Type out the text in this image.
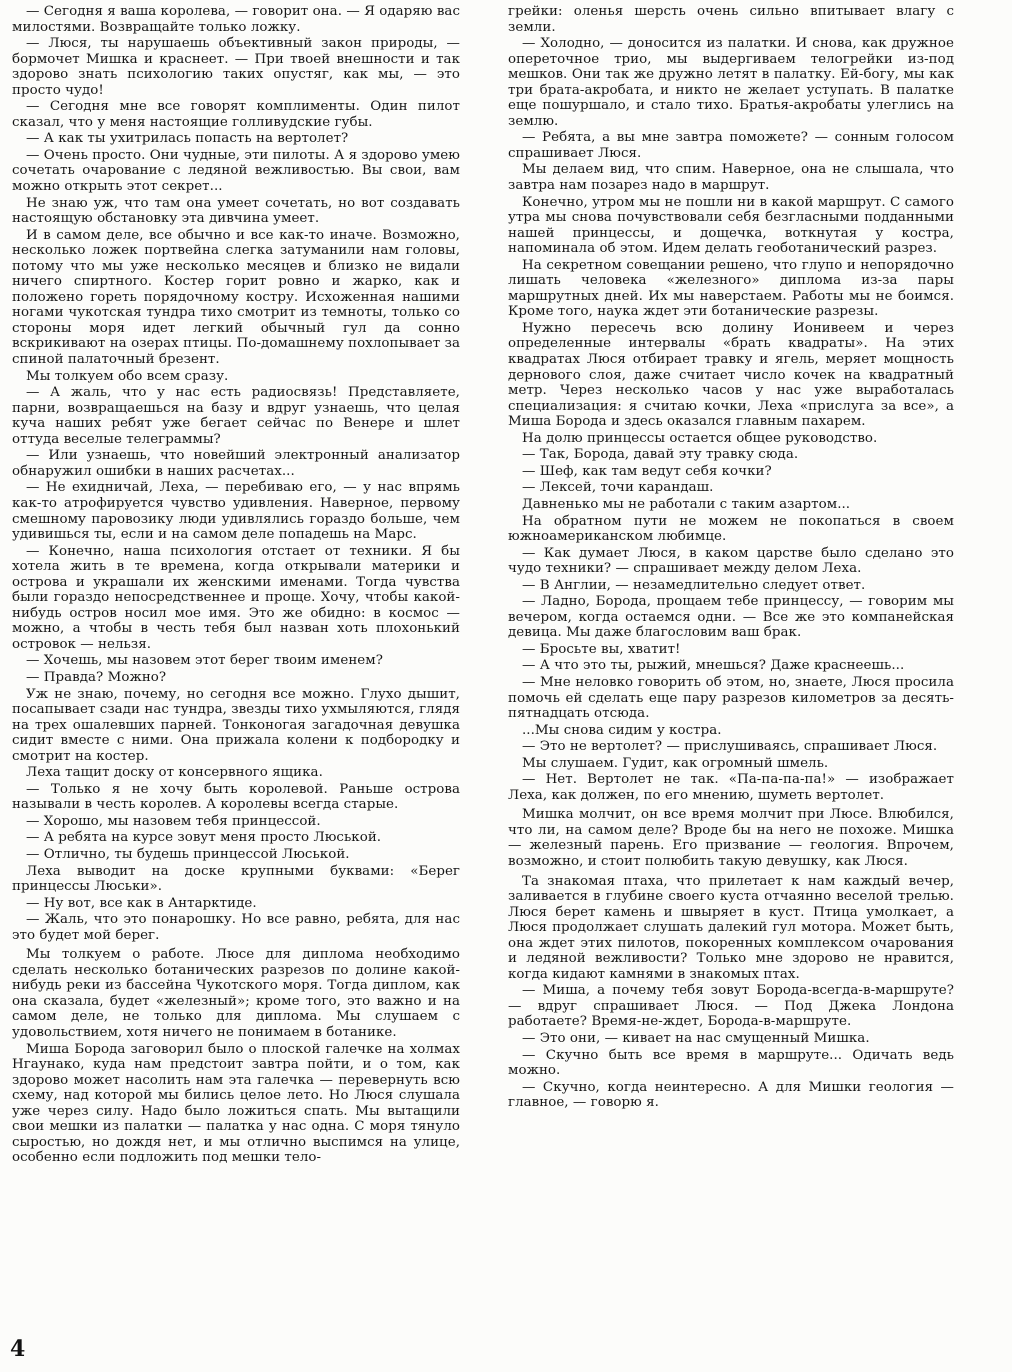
— Сегодня я ваша королева, — говорит она. — Я одаряю вас милостями. Возвращайте только ложку.

— Люся, ты нарушаешь объективный закон природы, — бормочет Мишка и краснеет. — При твоей внешности и так здорово знать психологию таких опустяг, как мы, — это просто чудо!

— Сегодня мне все говорят комплименты. Один пилот сказал, что у меня настоящие голливудские губы.

— А как ты ухитрилась попасть на вертолет?

— Очень просто. Они чудные, эти пилоты. А я здорово умею сочетать очарование с ледяной вежливостью. Вы свои, вам можно открыть этот секрет...

Не знаю уж, что там она умеет сочетать, но вот создавать настоящую обстановку эта дивчина умеет.

И в самом деле, все обычно и все как-то иначе. Возможно, несколько ложек портвейна слегка затуманили нам головы, потому что мы уже несколько месяцев и близко не видали ничего спиртного. Костер горит ровно и жарко, как и положено гореть порядочному костру. Исхоженная нашими ногами чукотская тундра тихо смотрит из темноты, только со стороны моря идет легкий обычный гул да сонно вскрикивают на озерах птицы. По-домашнему похлопывает за спиной палаточный брезент.

Мы толкуем обо всем сразу.

— А жаль, что у нас есть радиосвязь! Представляете, парни, возвращаешься на базу и вдруг узнаешь, что целая куча наших ребят уже бегает сейчас по Венере и шлет оттуда веселые телеграммы?

— Или узнаешь, что новейший электронный анализатор обнаружил ошибки в наших расчетах...

— Не ехидничай, Леха, — перебиваю его, — у нас впрямь как-то атрофируется чувство удивления. Наверное, первому смешному паровозику люди удивлялись гораздо больше, чем удивишься ты, если и на самом деле попадешь на Марс.

— Конечно, наша психология отстает от техники. Я бы хотела жить в те времена, когда открывали материки и острова и украшали их женскими именами. Тогда чувства были гораздо непосредственнее и проще. Хочу, чтобы какой-нибудь остров носил мое имя. Это же обидно: в космос — можно, а чтобы в честь тебя был назван хоть плохонький островок — нельзя.

— Хочешь, мы назовем этот берег твоим именем?

— Правда? Можно?

Уж не знаю, почему, но сегодня все можно. Глухо дышит, посапывает сзади нас тундра, звезды тихо ухмыляются, глядя на трех ошалевших парней. Тонконогая загадочная девушка сидит вместе с ними. Она прижала колени к подбородку и смотрит на костер.

Леха тащит доску от консервного ящика.

— Только я не хочу быть королевой. Раньше острова называли в честь королев. А королевы всегда старые.

— Хорошо, мы назовем тебя принцессой.

— А ребята на курсе зовут меня просто Люськой.

— Отлично, ты будешь принцессой Люськой.

Леха выводит на доске крупными буквами: «Берег принцессы Люськи».

— Ну вот, все как в Антарктиде.

— Жаль, что это понарошку. Но все равно, ребята, для нас это будет мой берег.

Мы толкуем о работе. Люсе для диплома необходимо сделать несколько ботанических разрезов по долине какой-нибудь реки из бассейна Чукотского моря. Тогда диплом, как она сказала, будет «железный»; кроме того, это важно и на самом деле, не только для диплома. Мы слушаем с удовольствием, хотя ничего не понимаем в ботанике.

Миша Борода заговорил было о плоской галечке на холмах Нгаунако, куда нам предстоит завтра пойти, и о том, как здорово может насолить нам эта галечка — перевернуть всю схему, над которой мы бились целое лето. Но Люся слушала уже через силу. Надо было ложиться спать. Мы вытащили свои мешки из палатки — палатка у нас одна. С моря тянуло сыростью, но дождя нет, и мы отлично выспимся на улице, особенно если подложить под мешки тело-

грейки: оленья шерсть очень сильно впитывает влагу с земли.

— Холодно, — доносится из палатки. И снова, как дружное опереточное трио, мы выдергиваем телогрейки из-под мешков. Они так же дружно летят в палатку. Ей-богу, мы как три брата-акробата, и никто не желает уступать. В палатке еще пошуршало, и стало тихо. Братья-акробаты улеглись на землю.

— Ребята, а вы мне завтра поможете? — сонным голосом спрашивает Люся.

Мы делаем вид, что спим. Наверное, она не слышала, что завтра нам позарез надо в маршрут.

Конечно, утром мы не пошли ни в какой маршрут. С самого утра мы снова почувствовали себя безгласными подданными нашей принцессы, и дощечка, воткнутая у костра, напоминала об этом. Идем делать геоботанический разрез.

На секретном совещании решено, что глупо и непорядочно лишать человека «железного» диплома из-за пары маршрутных дней. Их мы наверстаем. Работы мы не боимся. Кроме того, наука ждет эти ботанические разрезы.

Нужно пересечь всю долину Ионивеем и через определенные интервалы «брать квадраты». На этих квадратах Люся отбирает травку и ягель, меряет мощность дернового слоя, даже считает число кочек на квадратный метр. Через несколько часов у нас уже выработалась специализация: я считаю кочки, Леха «прислуга за все», а Миша Борода и здесь оказался главным пахарем.

На долю принцессы остается общее руководство.

— Так, Борода, давай эту травку сюда.

— Шеф, как там ведут себя кочки?

— Лексей, точи карандаш.

Давненько мы не работали с таким азартом...

На обратном пути не можем не покопаться в своем южноамериканском любимце.

— Как думает Люся, в каком царстве было сделано это чудо техники? — спрашивает между делом Леха.

— В Англии, — незамедлительно следует ответ.

— Ладно, Борода, прощаем тебе принцессу, — говорим мы вечером, когда остаемся одни. — Все же это компанейская девица. Мы даже благословим ваш брак.

— Бросьте вы, хватит!

— А что это ты, рыжий, мнешься? Даже краснеешь...

— Мне неловко говорить об этом, но, знаете, Люся просила помочь ей сделать еще пару разрезов километров за десять-пятнадцать отсюда.

...Мы снова сидим у костра.

— Это не вертолет? — прислушиваясь, спрашивает Люся.

Мы слушаем. Гудит, как огромный шмель.

— Нет. Вертолет не так. «Па-па-па-па!» — изображает Леха, как должен, по его мнению, шуметь вертолет.

Мишка молчит, он все время молчит при Люсе. Влюбился, что ли, на самом деле? Вроде бы на него не похоже. Мишка — железный парень. Его призвание — геология. Впрочем, возможно, и стоит полюбить такую девушку, как Люся.

Та знакомая птаха, что прилетает к нам каждый вечер, заливается в глубине своего куста отчаянно веселой трелью. Люся берет камень и швыряет в куст. Птица умолкает, а Люся продолжает слушать далекий гул мотора. Может быть, она ждет этих пилотов, покоренных комплексом очарования и ледяной вежливости? Только мне здорово не нравится, когда кидают камнями в знакомых птах.

— Миша, а почему тебя зовут Борода-всегда-в-маршруте? — вдруг спрашивает Люся. — Под Джека Лондона работаете? Время-не-ждет, Борода-в-маршруте.

— Это они, — кивает на нас смущенный Мишка.

— Скучно быть все время в маршруте... Одичать ведь можно.

— Скучно, когда неинтересно. А для Мишки геология — главное, — говорю я.

4
